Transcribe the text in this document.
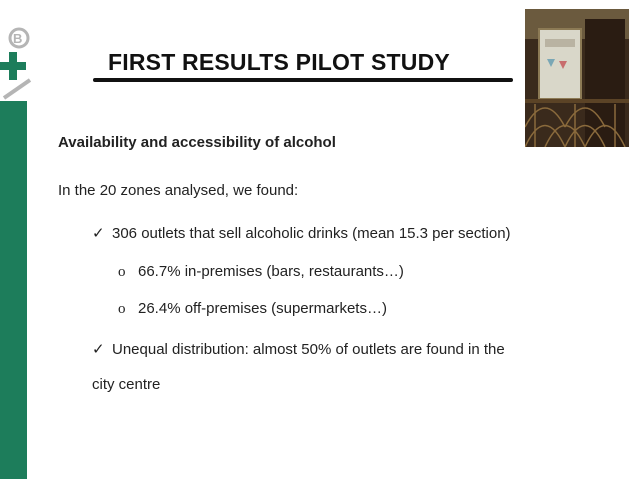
B
FIRST RESULTS PILOT STUDY
Availability and accessibility of alcohol
In the 20 zones analysed, we found:
✓ 306 outlets that sell alcoholic drinks (mean 15.3 per section)
o 66.7% in-premises (bars, restaurants…)
o 26.4% off-premises (supermarkets…)
✓ Unequal distribution: almost 50% of outlets are found in the
city centre
